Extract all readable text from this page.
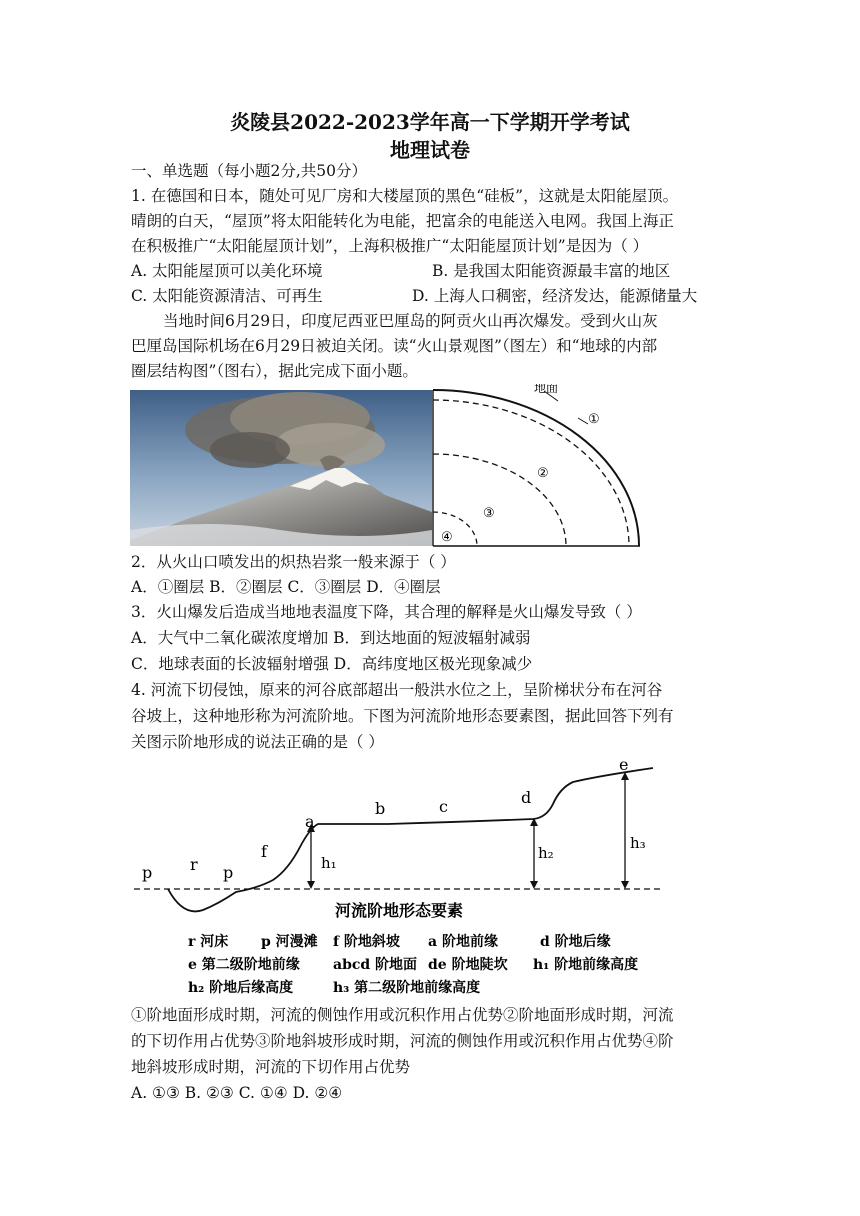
炎陵县2022-2023学年高一下学期开学考试
地理试卷
一、单选题（每小题2分,共50分）
1. 在德国和日本，随处可见厂房和大楼屋顶的黑色“硅板”，这就是太阳能屋顶。
晴朗的白天，“屋顶”将太阳能转化为电能，把富余的电能送入电网。我国上海正
在积极推广“太阳能屋顶计划”，上海积极推广“太阳能屋顶计划”是因为（ ）
A. 太阳能屋顶可以美化环境	B. 是我国太阳能资源最丰富的地区
C. 太阳能资源清洁、可再生	D. 上海人口稠密，经济发达，能源储量大
当地时间6月29日，印度尼西亚巴厘岛的阿贡火山再次爆发。受到火山灰
巴厘岛国际机场在6月29日被迫关闭。读“火山景观图”（图左）和“地球的内部
圈层结构图”（图右），据此完成下面小题。
地面
①
②
③
④
2．从火山口喷发出的炽热岩浆一般来源于（ ）
A．①圈层 B．②圈层 C．③圈层 D．④圈层
3．火山爆发后造成当地地表温度下降，其合理的解释是火山爆发导致（ ）
A．大气中二氧化碳浓度增加 B．到达地面的短波辐射减弱
C．地球表面的长波辐射增强 D．高纬度地区极光现象减少
4. 河流下切侵蚀，原来的河谷底部超出一般洪水位之上，呈阶梯状分布在河谷
谷坡上，这种地形称为河流阶地。下图为河流阶地形态要素图，据此回答下列有
关图示阶地形成的说法正确的是（ ）
p r p
f
a
b	c	d
e
h₁
h₂
h₃
河流阶地形态要素
r 河床 p 河漫滩 f 阶地斜坡 a 阶地前缘	d 阶地后缘
e 第二级阶地前缘 abcd 阶地面 de 阶地陡坎 h₁ 阶地前缘高度
h₂ 阶地后缘高度	h₃ 第二级阶地前缘高度
①阶地面形成时期，河流的侧蚀作用或沉积作用占优势②阶地面形成时期，河流
的下切作用占优势③阶地斜坡形成时期，河流的侧蚀作用或沉积作用占优势④阶
地斜坡形成时期，河流的下切作用占优势
A. ①③ B. ②③ C. ①④ D. ②④
